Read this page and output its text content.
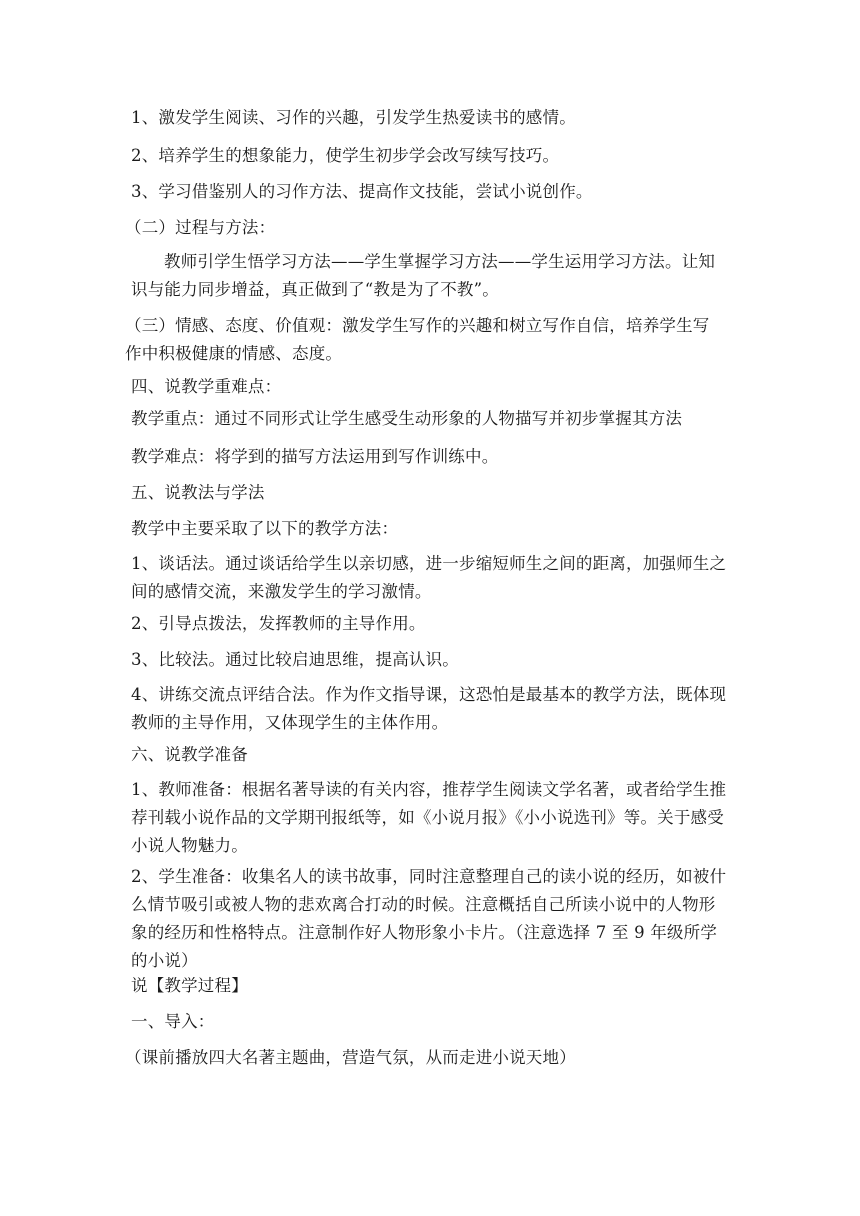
1、激发学生阅读、习作的兴趣，引发学生热爱读书的感情。
2、培养学生的想象能力，使学生初步学会改写续写技巧。
3、学习借鉴别人的习作方法、提高作文技能，尝试小说创作。
（二）过程与方法：
教师引学生悟学习方法——学生掌握学习方法——学生运用学习方法。让知识与能力同步增益，真正做到了“教是为了不教”。
（三）情感、态度、价值观：激发学生写作的兴趣和树立写作自信，培养学生写作中积极健康的情感、态度。
四、说教学重难点：
教学重点：通过不同形式让学生感受生动形象的人物描写并初步掌握其方法
教学难点：将学到的描写方法运用到写作训练中。
五、说教法与学法
教学中主要采取了以下的教学方法：
1、谈话法。通过谈话给学生以亲切感，进一步缩短师生之间的距离，加强师生之间的感情交流，来激发学生的学习激情。
2、引导点拨法，发挥教师的主导作用。
3、比较法。通过比较启迪思维，提高认识。
4、讲练交流点评结合法。作为作文指导课，这恐怕是最基本的教学方法，既体现教师的主导作用，又体现学生的主体作用。
六、说教学准备
1、教师准备：根据名著导读的有关内容，推荐学生阅读文学名著，或者给学生推荐刊载小说作品的文学期刊报纸等，如《小说月报》《小小说选刊》等。关于感受小说人物魅力。
2、学生准备：收集名人的读书故事，同时注意整理自己的读小说的经历，如被什么情节吸引或被人物的悲欢离合打动的时候。注意概括自己所读小说中的人物形象的经历和性格特点。注意制作好人物形象小卡片。（注意选择 7 至 9 年级所学的小说）
说【教学过程】
一、导入：
（课前播放四大名著主题曲，营造气氛，从而走进小说天地）
